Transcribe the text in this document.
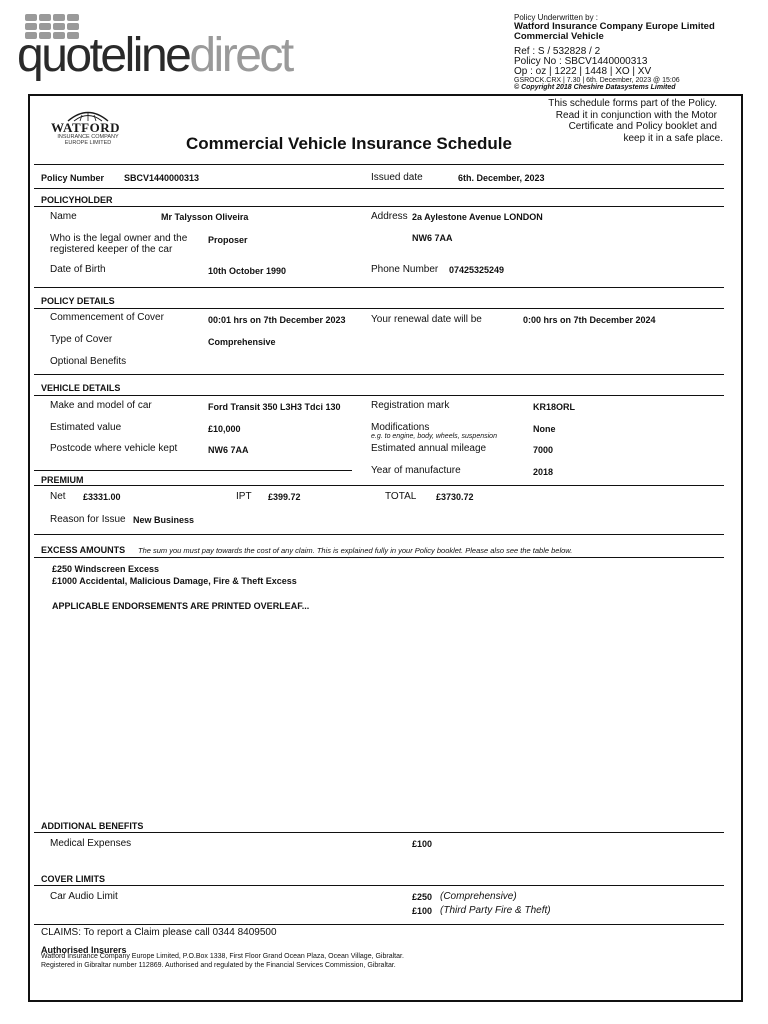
quotelinedirect
Policy Underwritten by :
Watford Insurance Company Europe Limited
Commercial Vehicle
Ref : S / 532828 / 2
Policy No : SBCV1440000313
Op : oz | 1222 | 1448 | XO | XV
GSROCK.CRX | 7.30 | 6th. December, 2023 @ 15:06
© Copyright 2018 Cheshire Datasystems Limited
WATFORD
INSURANCE COMPANY
EUROPE LIMITED	Commercial Vehicle Insurance Schedule
This schedule forms part of the Policy.
Read it in conjunction with the Motor
Certificate and Policy booklet and
keep it in a safe place.
Policy Number SBCV1440000313	Issued date	6th. December, 2023
POLICYHOLDER
Name	Mr Talysson Oliveira	Address 2a Aylestone Avenue LONDON
NW6 7AA
Who is the legal owner and the
registered keeper of the car
Proposer
Date of Birth	10th October 1990	Phone Number 07425325249
POLICY DETAILS
Commencement of Cover	00:01 hrs on 7th December 2023	Your renewal date will be	0:00 hrs on 7th December 2024
Type of Cover	Comprehensive
Optional Benefits
VEHICLE DETAILS
Make and model of car	Ford Transit 350 L3H3 Tdci 130	Registration mark	KR18ORL
Estimated value	£10,000	Modifications
e.g. to engine, body, wheels, suspension
None
Postcode where vehicle kept	NW6 7AA	Estimated annual mileage	7000
Year of manufacture	2018
PREMIUM
Net £3331.00	IPT £399.72	TOTAL £3730.72
Reason for Issue New Business
EXCESS AMOUNTS The sum you must pay towards the cost of any claim. This is explained fully in your Policy booklet. Please also see the table below.
£250 Windscreen Excess
£1000 Accidental, Malicious Damage, Fire & Theft Excess
APPLICABLE ENDORSEMENTS ARE PRINTED OVERLEAF...
ADDITIONAL BENEFITS
Medical Expenses	£100
COVER LIMITS
Car Audio Limit	£250 (Comprehensive)
£100 (Third Party Fire & Theft)
CLAIMS: To report a Claim please call 0344 8409500
Authorised Insurers
Watford Insurance Company Europe Limited, P.O.Box 1338, First Floor Grand Ocean Plaza, Ocean Village, Gibraltar.
Registered in Gibraltar number 112869. Authorised and regulated by the Financial Services Commission, Gibraltar.
